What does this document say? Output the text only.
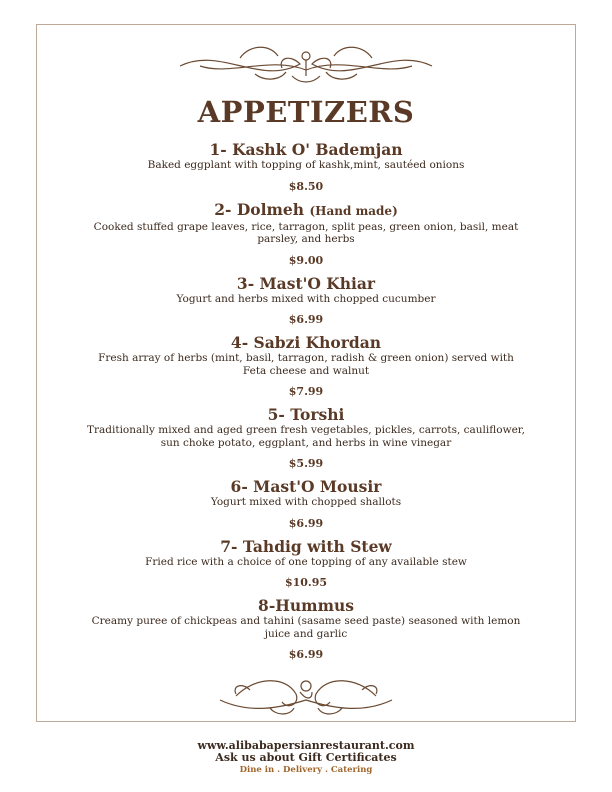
APPETIZERS
1- Kashk O' Bademjan
Baked eggplant with topping of kashk,mint, sautéed onions
$8.50
2- Dolmeh (Hand made)
Cooked stuffed grape leaves, rice, tarragon, split peas, green onion, basil, meat parsley, and herbs
$9.00
3- Mast'O Khiar
Yogurt and herbs mixed with chopped cucumber
$6.99
4- Sabzi Khordan
Fresh array of herbs (mint, basil, tarragon, radish & green onion) served with Feta cheese and walnut
$7.99
5- Torshi
Traditionally mixed and aged green fresh vegetables, pickles, carrots, cauliflower, sun choke potato, eggplant, and herbs in wine vinegar
$5.99
6- Mast'O Mousir
Yogurt mixed with chopped shallots
$6.99
7- Tahdig with Stew
Fried rice with a choice of one topping of any available stew
$10.95
8-Hummus
Creamy puree of chickpeas and tahini (sasame seed paste) seasoned with lemon juice and garlic
$6.99
www.alibabapersianrestaurant.com
Ask us about Gift Certificates
Dine in . Delivery . Catering
